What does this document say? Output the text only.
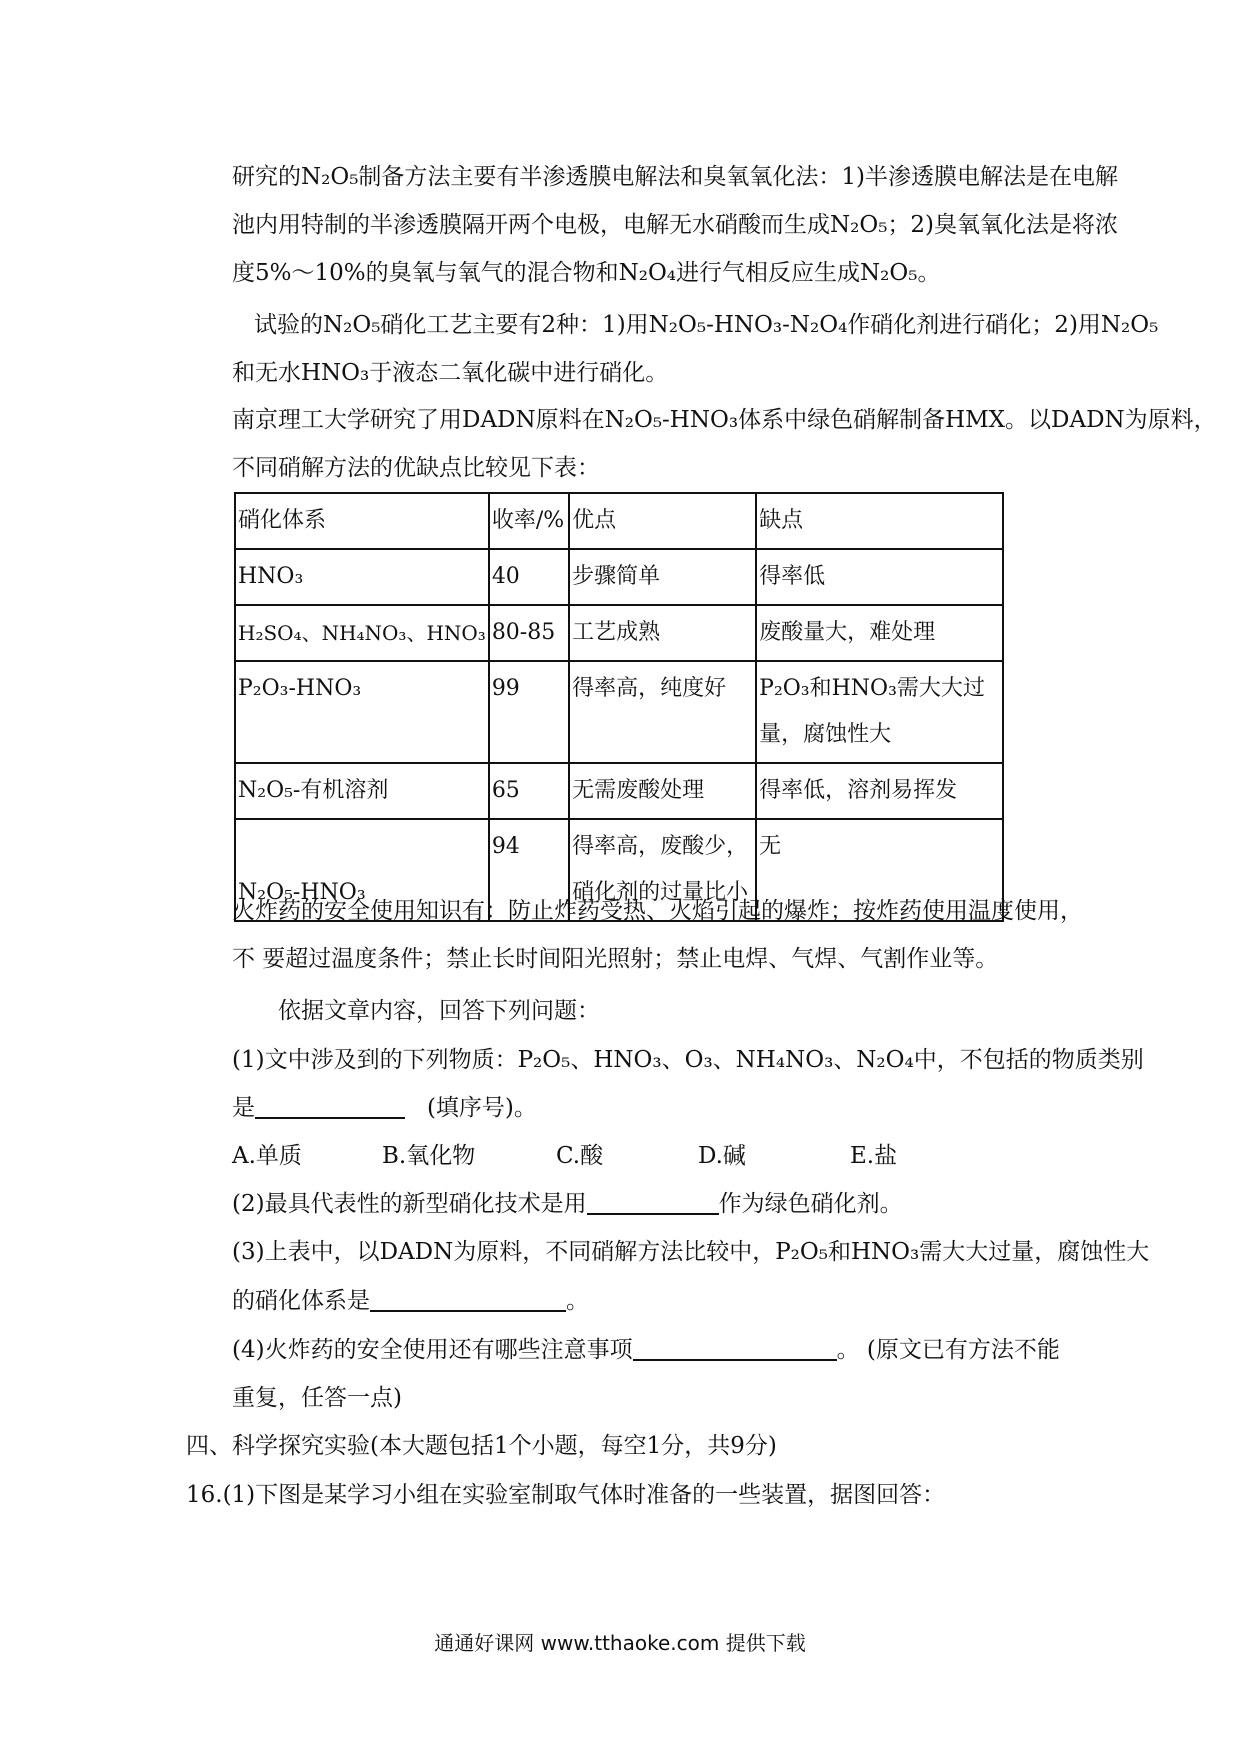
研究的N₂O₅制备方法主要有半渗透膜电解法和臭氧氧化法：1)半渗透膜电解法是在电解
池内用特制的半渗透膜隔开两个电极，电解无水硝酸而生成N₂O₅；2)臭氧氧化法是将浓
度5%～10%的臭氧与氧气的混合物和N₂O₄进行气相反应生成N₂O₅。
试验的N₂O₅硝化工艺主要有2种：1)用N₂O₅-HNO₃-N₂O₄作硝化剂进行硝化；2)用N₂O₅
和无水HNO₃于液态二氧化碳中进行硝化。
南京理工大学研究了用DADN原料在N₂O₅-HNO₃体系中绿色硝解制备HMX。以DADN为原料，
不同硝解方法的优缺点比较见下表：
硝化体系	收率/%	优点	缺点
HNO₃	40	步骤简单	得率低
H₂SO₄、NH₄NO₃、HNO₃	80-85	工艺成熟	废酸量大，难处理
P₂O₃-HNO₃	99	得率高，纯度好	P₂O₃和HNO₃需大大过量，腐蚀性大
N₂O₅-有机溶剂	65	无需废酸处理	得率低，溶剂易挥发
N₂O₅-HNO₃	94	得率高，废酸少，硝化剂的过量比小	无
火炸药的安全使用知识有：防止炸药受热、火焰引起的爆炸；按炸药使用温度使用，
不 要超过温度条件；禁止长时间阳光照射；禁止电焊、气焊、气割作业等。
依据文章内容，回答下列问题：
(1)文中涉及到的下列物质：P₂O₅、HNO₃、O₃、NH₄NO₃、N₂O₄中，不包括的物质类别
是	(填序号)。
A.单质	B.氧化物	C.酸	D.碱	E.盐
(2)最具代表性的新型硝化技术是用	作为绿色硝化剂。
(3)上表中，以DADN为原料，不同硝解方法比较中，P₂O₅和HNO₃需大大过量，腐蚀性大
的硝化体系是	。
(4)火炸药的安全使用还有哪些注意事项	。 (原文已有方法不能
重复，任答一点)
四、科学探究实验(本大题包括1个小题，每空1分，共9分)
16.(1)下图是某学习小组在实验室制取气体时准备的一些装置，据图回答：
通通好课网 www.tthaoke.com 提供下载
